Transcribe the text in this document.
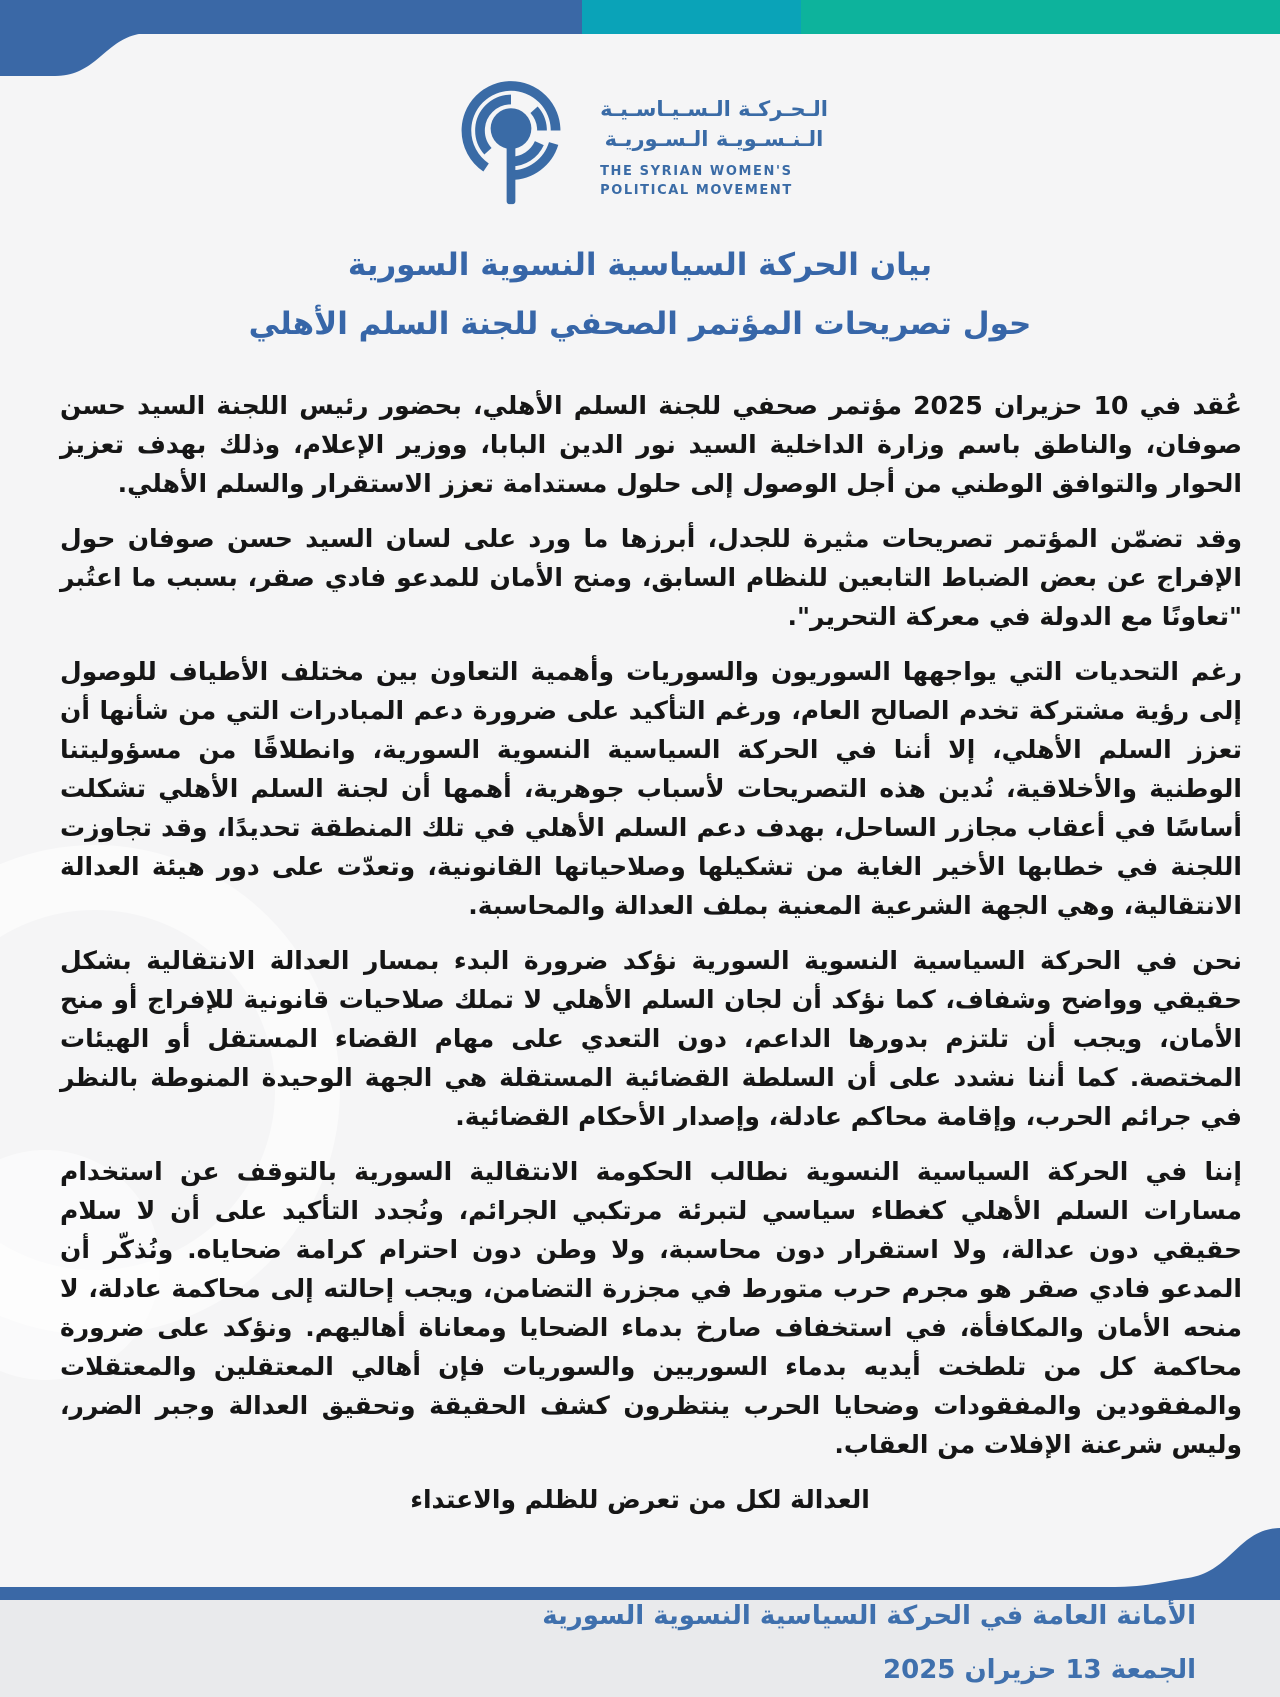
الـحـركـة الـسـيـاسـيـة
الـنـسـويـة الـسـوريـة
THE SYRIAN WOMEN'S
POLITICAL MOVEMENT
بيان الحركة السياسية النسوية السورية
حول تصريحات المؤتمر الصحفي للجنة السلم الأهلي

عُقد في 10 حزيران 2025 مؤتمر صحفي للجنة السلم الأهلي، بحضور رئيس اللجنة السيد حسن صوفان، والناطق باسم وزارة الداخلية السيد نور الدين البابا، ووزير الإعلام، وذلك بهدف تعزيز الحوار والتوافق الوطني من أجل الوصول إلى حلول مستدامة تعزز الاستقرار والسلم الأهلي.

وقد تضمّن المؤتمر تصريحات مثيرة للجدل، أبرزها ما ورد على لسان السيد حسن صوفان حول الإفراج عن بعض الضباط التابعين للنظام السابق، ومنح الأمان للمدعو فادي صقر، بسبب ما اعتُبر "تعاونًا مع الدولة في معركة التحرير".

رغم التحديات التي يواجهها السوريون والسوريات وأهمية التعاون بين مختلف الأطياف للوصول إلى رؤية مشتركة تخدم الصالح العام، ورغم التأكيد على ضرورة دعم المبادرات التي من شأنها أن تعزز السلم الأهلي، إلا أننا في الحركة السياسية النسوية السورية، وانطلاقًا من مسؤوليتنا الوطنية والأخلاقية، نُدين هذه التصريحات لأسباب جوهرية، أهمها أن لجنة السلم الأهلي تشكلت أساسًا في أعقاب مجازر الساحل، بهدف دعم السلم الأهلي في تلك المنطقة تحديدًا، وقد تجاوزت اللجنة في خطابها الأخير الغاية من تشكيلها وصلاحياتها القانونية، وتعدّت على دور هيئة العدالة الانتقالية، وهي الجهة الشرعية المعنية بملف العدالة والمحاسبة.

نحن في الحركة السياسية النسوية السورية نؤكد ضرورة البدء بمسار العدالة الانتقالية بشكل حقيقي وواضح وشفاف، كما نؤكد أن لجان السلم الأهلي لا تملك صلاحيات قانونية للإفراج أو منح الأمان، ويجب أن تلتزم بدورها الداعم، دون التعدي على مهام القضاء المستقل أو الهيئات المختصة. كما أننا نشدد على أن السلطة القضائية المستقلة هي الجهة الوحيدة المنوطة بالنظر في جرائم الحرب، وإقامة محاكم عادلة، وإصدار الأحكام القضائية.

إننا في الحركة السياسية النسوية نطالب الحكومة الانتقالية السورية بالتوقف عن استخدام مسارات السلم الأهلي كغطاء سياسي لتبرئة مرتكبي الجرائم، ونُجدد التأكيد على أن لا سلام حقيقي دون عدالة، ولا استقرار دون محاسبة، ولا وطن دون احترام كرامة ضحاياه. ونُذكّر أن المدعو فادي صقر هو مجرم حرب متورط في مجزرة التضامن، ويجب إحالته إلى محاكمة عادلة، لا منحه الأمان والمكافأة، في استخفاف صارخ بدماء الضحايا ومعاناة أهاليهم. ونؤكد على ضرورة محاكمة كل من تلطخت أيديه بدماء السوريين والسوريات فإن أهالي المعتقلين والمعتقلات والمفقودين والمفقودات وضحايا الحرب ينتظرون كشف الحقيقة وتحقيق العدالة وجبر الضرر، وليس شرعنة الإفلات من العقاب.

العدالة لكل من تعرض للظلم والاعتداء
الأمانة العامة في الحركة السياسية النسوية السورية
الجمعة 13 حزيران 2025
